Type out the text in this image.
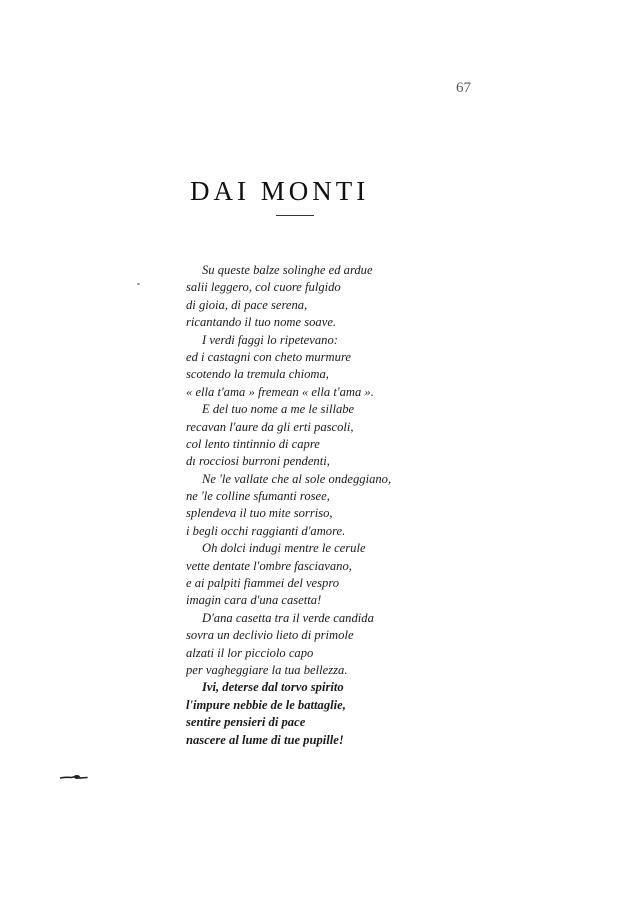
67
DAI MONTI
Su queste balze solinghe ed ardue
salii leggero, col cuore fulgido
di gioia, di pace serena,
ricantando il tuo nome soave.
I verdi faggi lo ripetevano:
ed i castagni con cheto murmure
scotendo la tremula chioma,
« ella t'ama » fremean « ella t'ama ».
E del tuo nome a me le sillabe
recavan l'aure da gli erti pascoli,
col lento tintinnio di capre
dı rocciosi burroni pendenti,
Ne 'le vallate che al sole ondeggiano,
ne 'le colline sfumanti rosee,
splendeva il tuo mite sorriso,
i begli occhi raggianti d'amore.
Oh dolci indugi mentre le cerule
vette dentate l'ombre fasciavano,
e ai palpiti fiammei del vespro
imagin cara d'una casetta!
D'ana casetta tra il verde candida
sovra un declivio lieto di primole
alzati il lor picciolo capo
per vagheggiare la tua bellezza.
Ivi, deterse dal torvo spirito
l'impure nebbie de le battaglie,
sentire pensieri di pace
nascere al lume di tue pupille!
